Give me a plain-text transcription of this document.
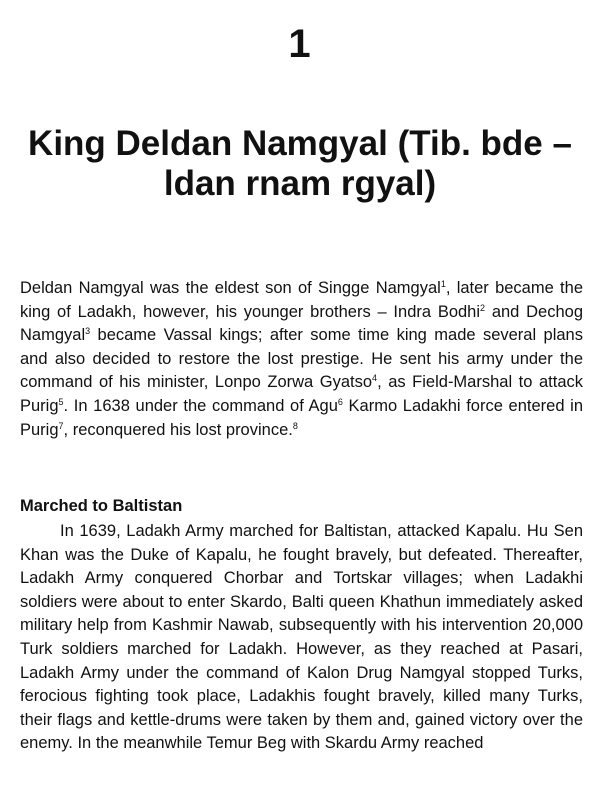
1
King Deldan Namgyal (Tib. bde – ldan rnam rgyal)

Deldan Namgyal was the eldest son of Singge Namgyal$^1$, later became the king of Ladakh, however, his younger brothers – Indra Bodhi$^2$ and Dechog Namgyal$^3$ became Vassal kings; after some time king made several plans and also decided to restore the lost prestige. He sent his army under the command of his minister, Lonpo Zorwa Gyatso$^4$, as Field-Marshal to attack Purig$^5$. In 1638 under the command of Agu$^6$ Karmo Ladakhi force entered in Purig$^7$, reconquered his lost province.$^8$

Marched to Baltistan

In 1639, Ladakh Army marched for Baltistan, attacked Kapalu. Hu Sen Khan was the Duke of Kapalu, he fought bravely, but defeated. Thereafter, Ladakh Army conquered Chorbar and Tortskar villages; when Ladakhi soldiers were about to enter Skardo, Balti queen Khathun immediately asked military help from Kashmir Nawab, subsequently with his intervention 20,000 Turk soldiers marched for Ladakh. However, as they reached at Pasari, Ladakh Army under the command of Kalon Drug Namgyal stopped Turks, ferocious fighting took place, Ladakhis fought bravely, killed many Turks, their flags and kettle-drums were taken by them and, gained victory over the enemy. In the meanwhile Temur Beg with Skardu Army reached
